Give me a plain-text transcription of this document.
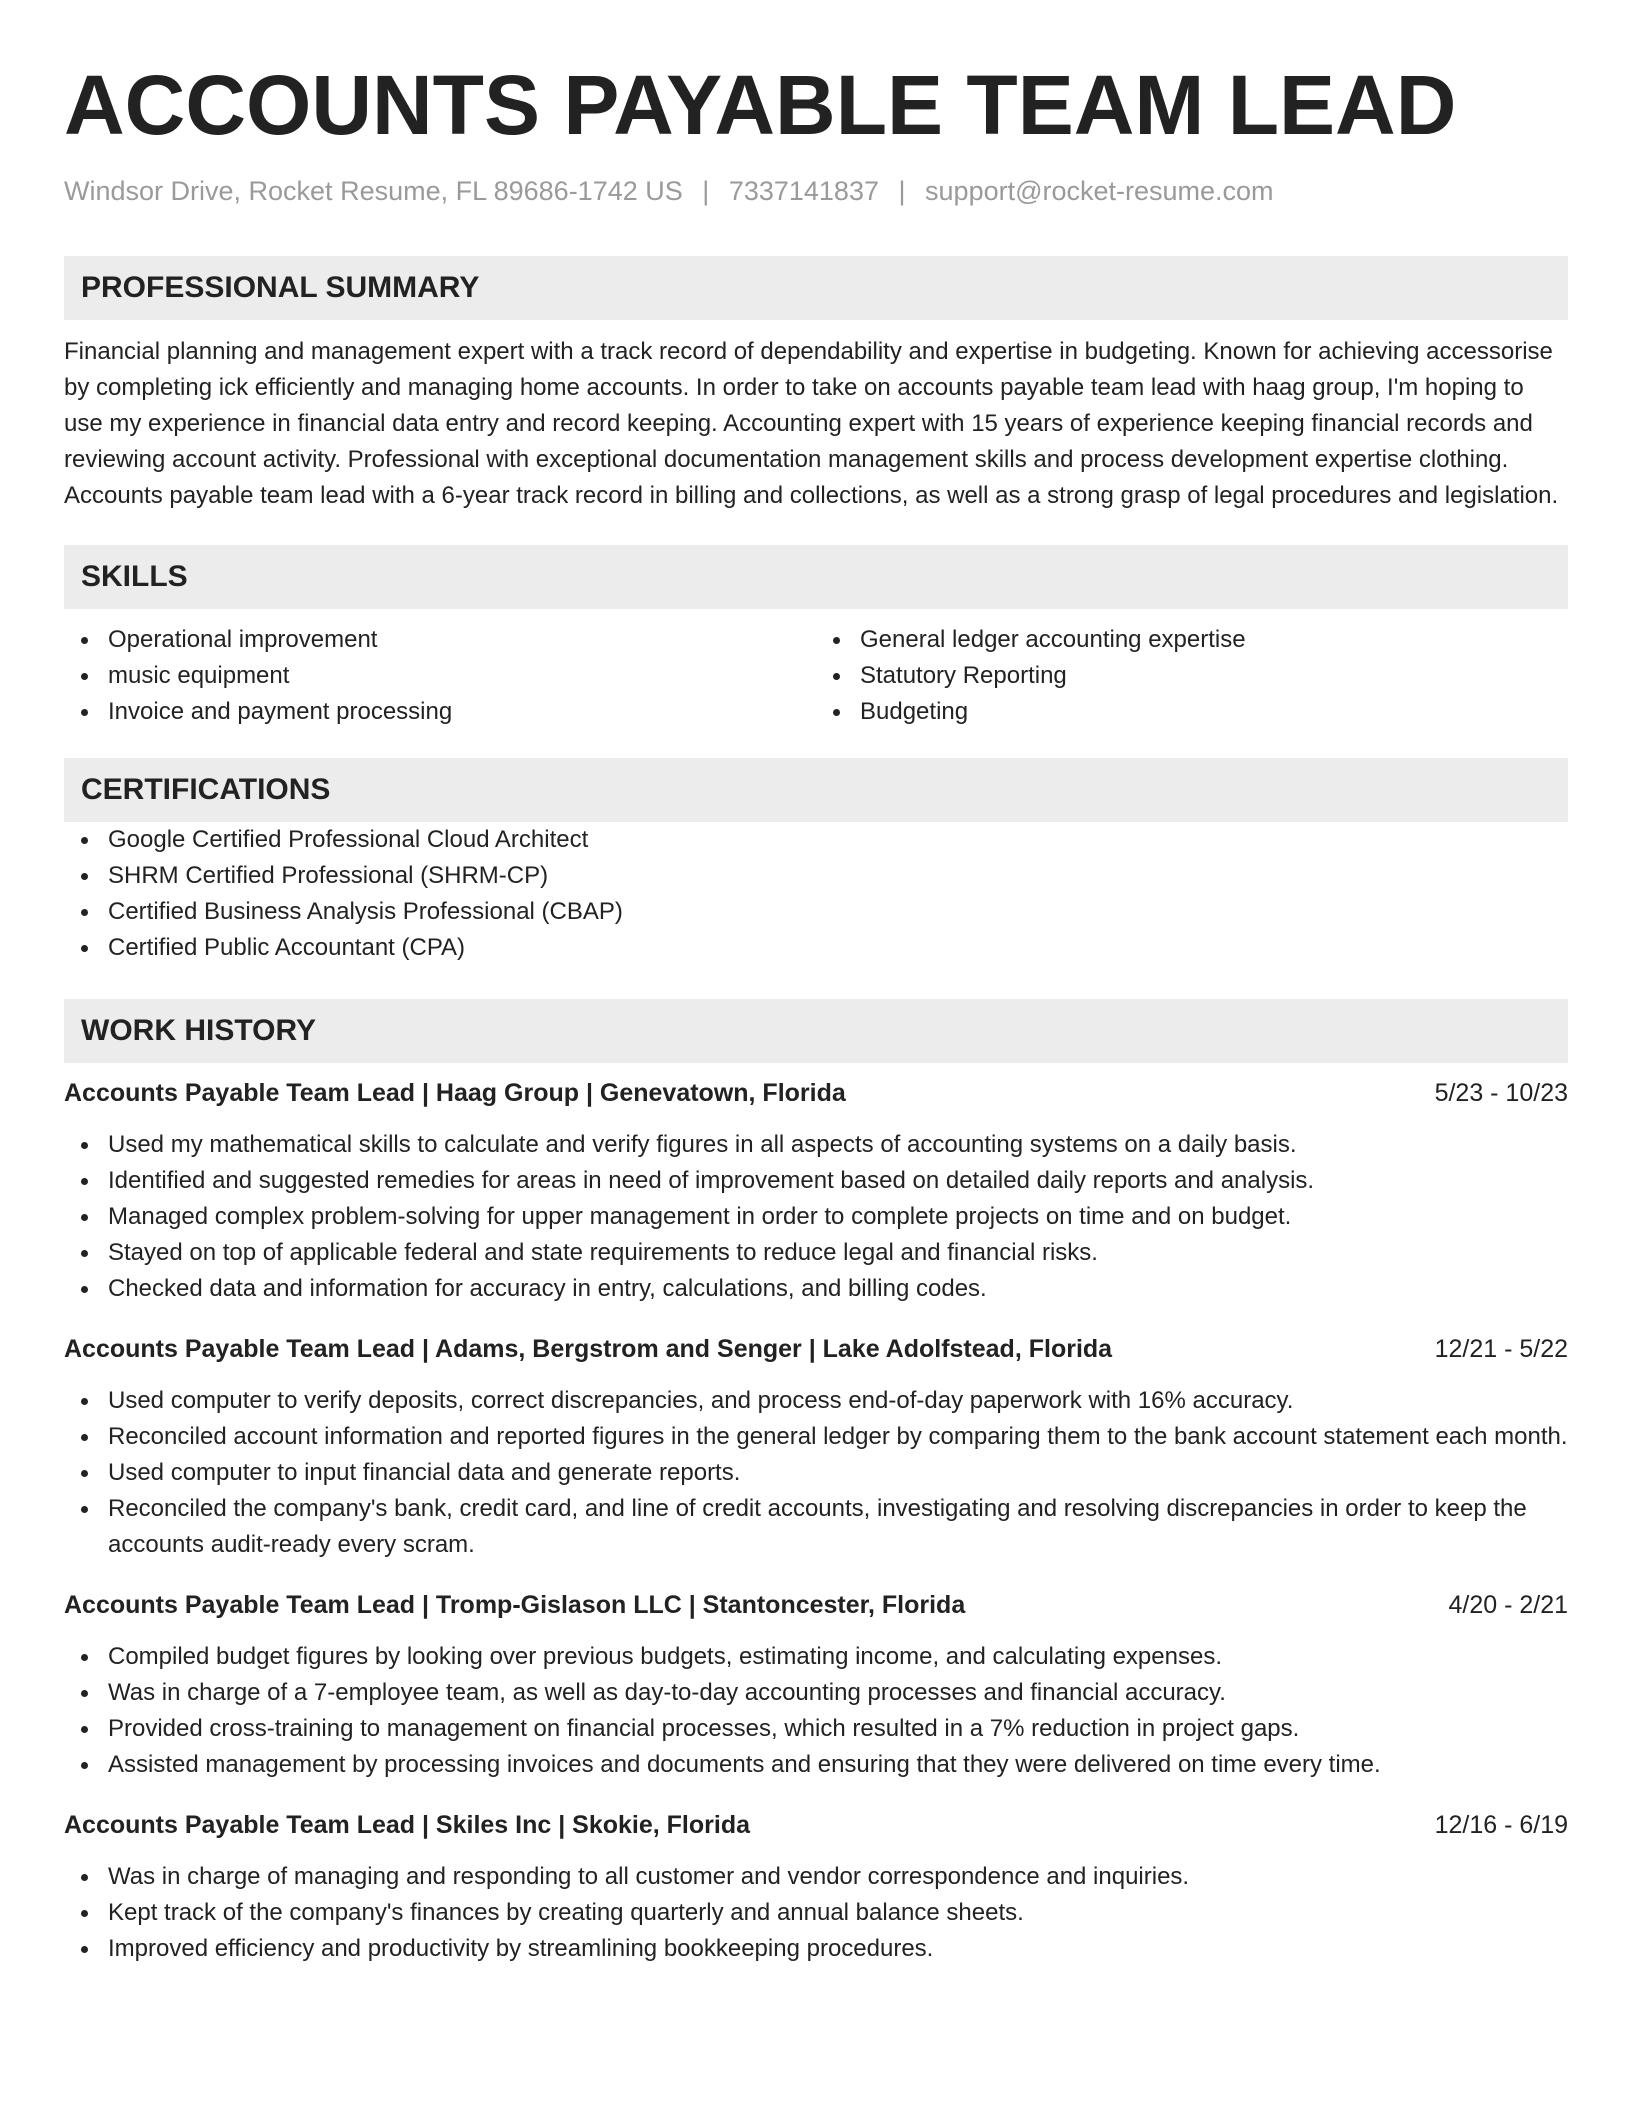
ACCOUNTS PAYABLE TEAM LEAD
Windsor Drive, Rocket Resume, FL 89686-1742 US | 7337141837 | support@rocket-resume.com
PROFESSIONAL SUMMARY

Financial planning and management expert with a track record of dependability and expertise in budgeting. Known for achieving accessorise by completing ick efficiently and managing home accounts. In order to take on accounts payable team lead with haag group, I'm hoping to use my experience in financial data entry and record keeping. Accounting expert with 15 years of experience keeping financial records and reviewing account activity. Professional with exceptional documentation management skills and process development expertise clothing. Accounts payable team lead with a 6-year track record in billing and collections, as well as a strong grasp of legal procedures and legislation.

SKILLS
Operational improvement
music equipment
Invoice and payment processing
General ledger accounting expertise
Statutory Reporting
Budgeting
CERTIFICATIONS
Google Certified Professional Cloud Architect
SHRM Certified Professional (SHRM-CP)
Certified Business Analysis Professional (CBAP)
Certified Public Accountant (CPA)
WORK HISTORY
Accounts Payable Team Lead | Haag Group | Genevatown, Florida	5/23 - 10/23
Used my mathematical skills to calculate and verify figures in all aspects of accounting systems on a daily basis.
Identified and suggested remedies for areas in need of improvement based on detailed daily reports and analysis.
Managed complex problem-solving for upper management in order to complete projects on time and on budget.
Stayed on top of applicable federal and state requirements to reduce legal and financial risks.
Checked data and information for accuracy in entry, calculations, and billing codes.
Accounts Payable Team Lead | Adams, Bergstrom and Senger | Lake Adolfstead, Florida	12/21 - 5/22
Used computer to verify deposits, correct discrepancies, and process end-of-day paperwork with 16% accuracy.
Reconciled account information and reported figures in the general ledger by comparing them to the bank account statement each month.
Used computer to input financial data and generate reports.
Reconciled the company's bank, credit card, and line of credit accounts, investigating and resolving discrepancies in order to keep the accounts audit-ready every scram.
Accounts Payable Team Lead | Tromp-Gislason LLC | Stantoncester, Florida	4/20 - 2/21
Compiled budget figures by looking over previous budgets, estimating income, and calculating expenses.
Was in charge of a 7-employee team, as well as day-to-day accounting processes and financial accuracy.
Provided cross-training to management on financial processes, which resulted in a 7% reduction in project gaps.
Assisted management by processing invoices and documents and ensuring that they were delivered on time every time.
Accounts Payable Team Lead | Skiles Inc | Skokie, Florida	12/16 - 6/19
Was in charge of managing and responding to all customer and vendor correspondence and inquiries.
Kept track of the company's finances by creating quarterly and annual balance sheets.
Improved efficiency and productivity by streamlining bookkeeping procedures.
